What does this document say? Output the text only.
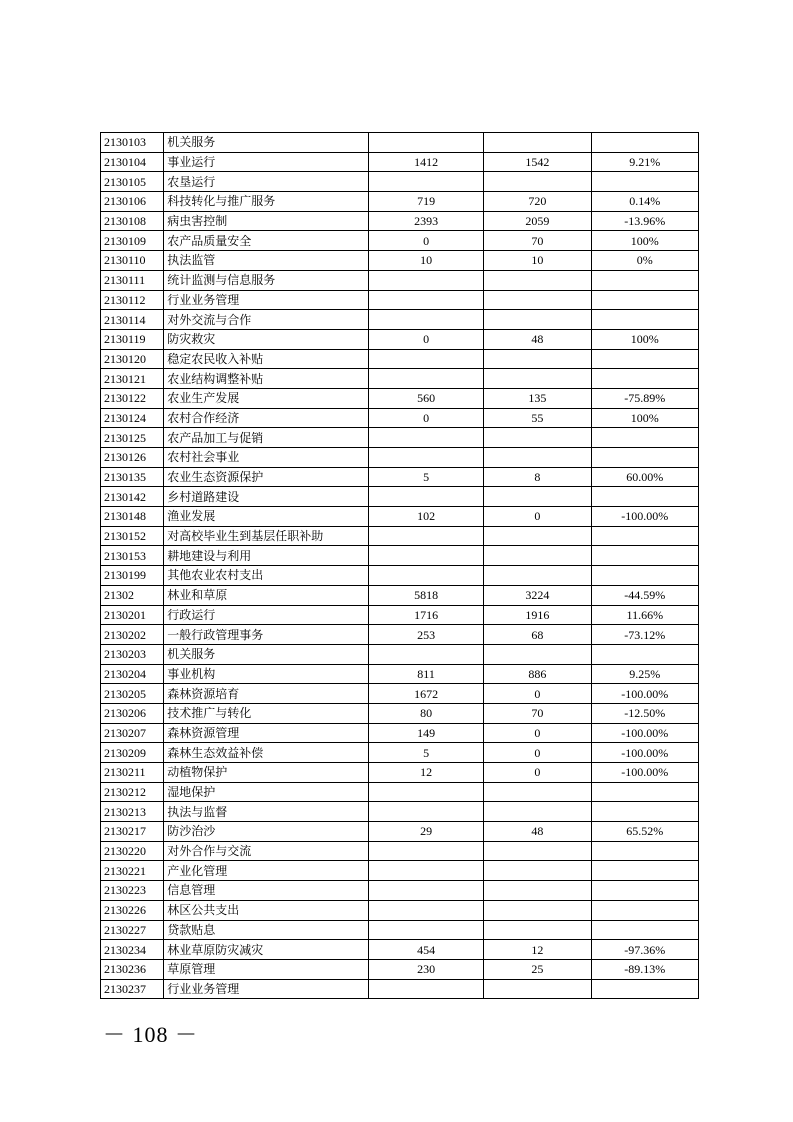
2130103	机关服务			
2130104	事业运行	1412	1542	9.21%
2130105	农垦运行			
2130106	科技转化与推广服务	719	720	0.14%
2130108	病虫害控制	2393	2059	-13.96%
2130109	农产品质量安全	0	70	100%
2130110	执法监管	10	10	0%
2130111	统计监测与信息服务			
2130112	行业业务管理			
2130114	对外交流与合作			
2130119	防灾救灾	0	48	100%
2130120	稳定农民收入补贴			
2130121	农业结构调整补贴			
2130122	农业生产发展	560	135	-75.89%
2130124	农村合作经济	0	55	100%
2130125	农产品加工与促销			
2130126	农村社会事业			
2130135	农业生态资源保护	5	8	60.00%
2130142	乡村道路建设			
2130148	渔业发展	102	0	-100.00%
2130152	对高校毕业生到基层任职补助			
2130153	耕地建设与利用			
2130199	其他农业农村支出			
21302	林业和草原	5818	3224	-44.59%
2130201	行政运行	1716	1916	11.66%
2130202	一般行政管理事务	253	68	-73.12%
2130203	机关服务			
2130204	事业机构	811	886	9.25%
2130205	森林资源培育	1672	0	-100.00%
2130206	技术推广与转化	80	70	-12.50%
2130207	森林资源管理	149	0	-100.00%
2130209	森林生态效益补偿	5	0	-100.00%
2130211	动植物保护	12	0	-100.00%
2130212	湿地保护			
2130213	执法与监督			
2130217	防沙治沙	29	48	65.52%
2130220	对外合作与交流			
2130221	产业化管理			
2130223	信息管理			
2130226	林区公共支出			
2130227	贷款贴息			
2130234	林业草原防灾减灾	454	12	-97.36%
2130236	草原管理	230	25	-89.13%
2130237	行业业务管理			
－ 108 －
